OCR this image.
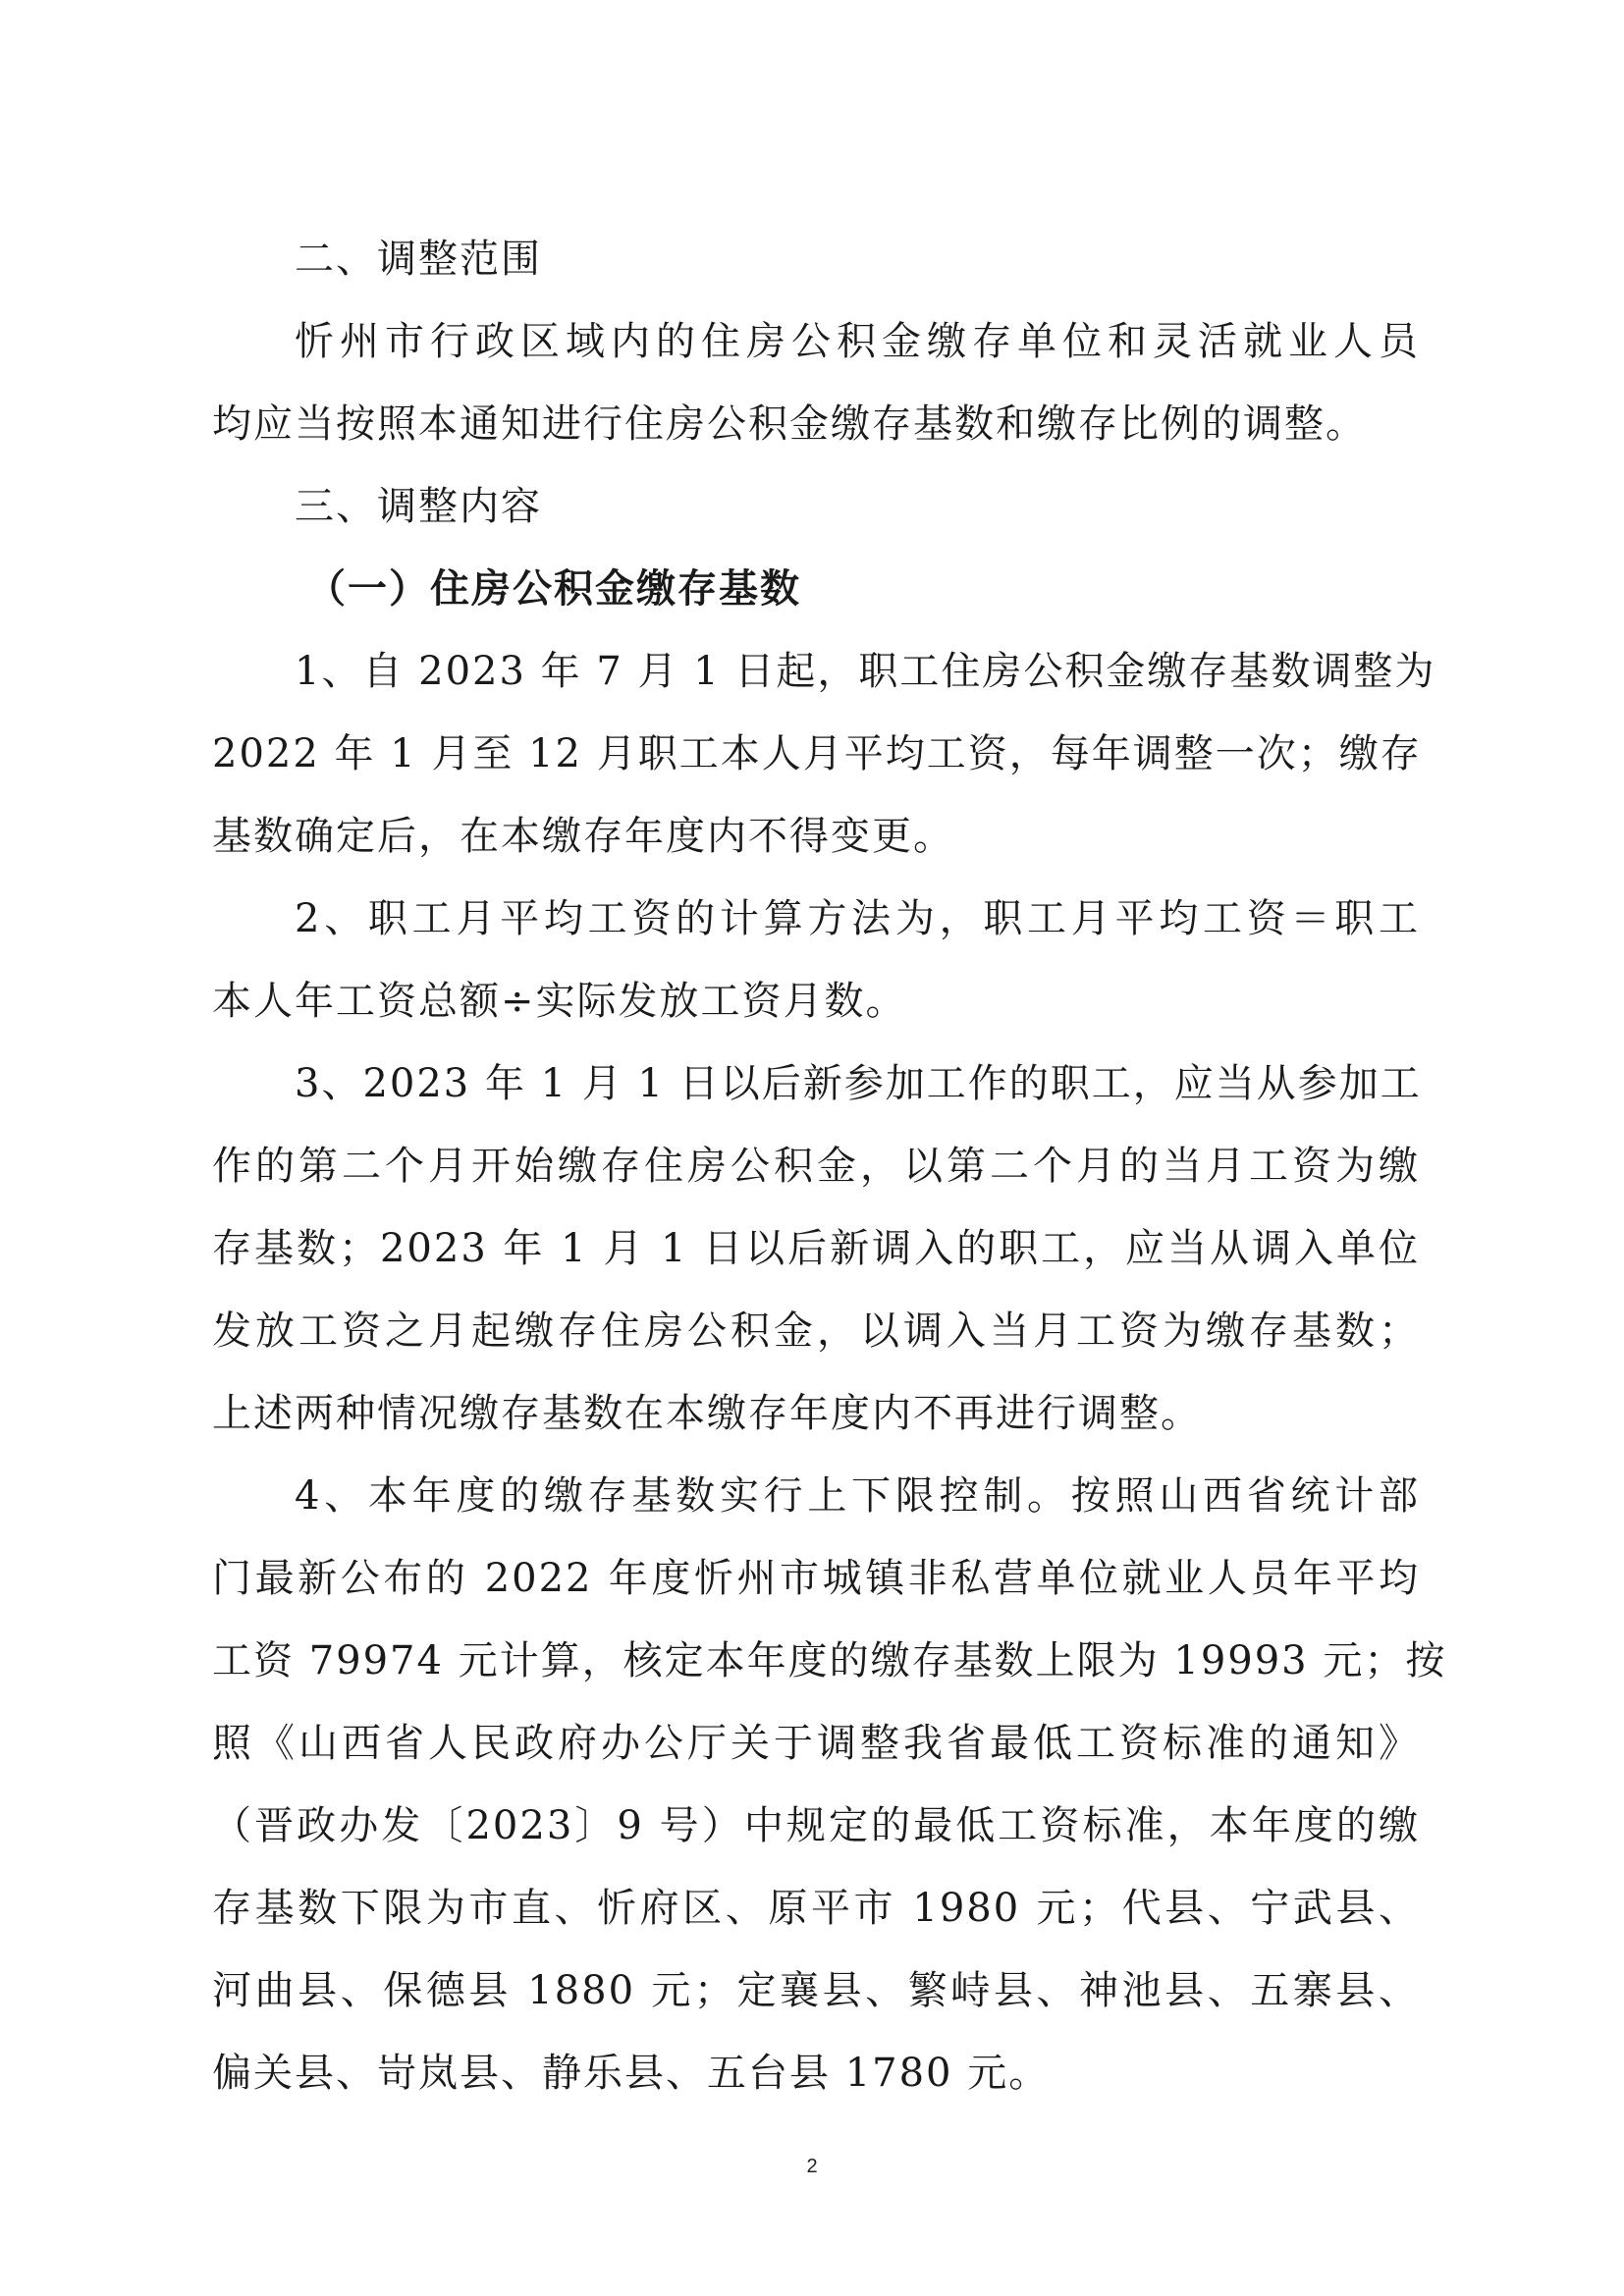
二、调整范围
忻州市行政区域内的住房公积金缴存单位和灵活就业人员
均应当按照本通知进行住房公积金缴存基数和缴存比例的调整。
三、调整内容
（一）住房公积金缴存基数
1、自 2023 年 7 月 1 日起，职工住房公积金缴存基数调整为
2022 年 1 月至 12 月职工本人月平均工资，每年调整一次；缴存
基数确定后，在本缴存年度内不得变更。
2、职工月平均工资的计算方法为，职工月平均工资＝职工
本人年工资总额÷实际发放工资月数。
3、2023 年 1 月 1 日以后新参加工作的职工，应当从参加工
作的第二个月开始缴存住房公积金，以第二个月的当月工资为缴
存基数；2023 年 1 月 1 日以后新调入的职工，应当从调入单位
发放工资之月起缴存住房公积金，以调入当月工资为缴存基数；
上述两种情况缴存基数在本缴存年度内不再进行调整。
4、本年度的缴存基数实行上下限控制。按照山西省统计部
门最新公布的 2022 年度忻州市城镇非私营单位就业人员年平均
工资 79974 元计算，核定本年度的缴存基数上限为 19993 元；按
照《山西省人民政府办公厅关于调整我省最低工资标准的通知》
（晋政办发〔2023〕9 号）中规定的最低工资标准，本年度的缴
存基数下限为市直、忻府区、原平市 1980 元；代县、宁武县、
河曲县、保德县 1880 元；定襄县、繁峙县、神池县、五寨县、
偏关县、岢岚县、静乐县、五台县 1780 元。
2
